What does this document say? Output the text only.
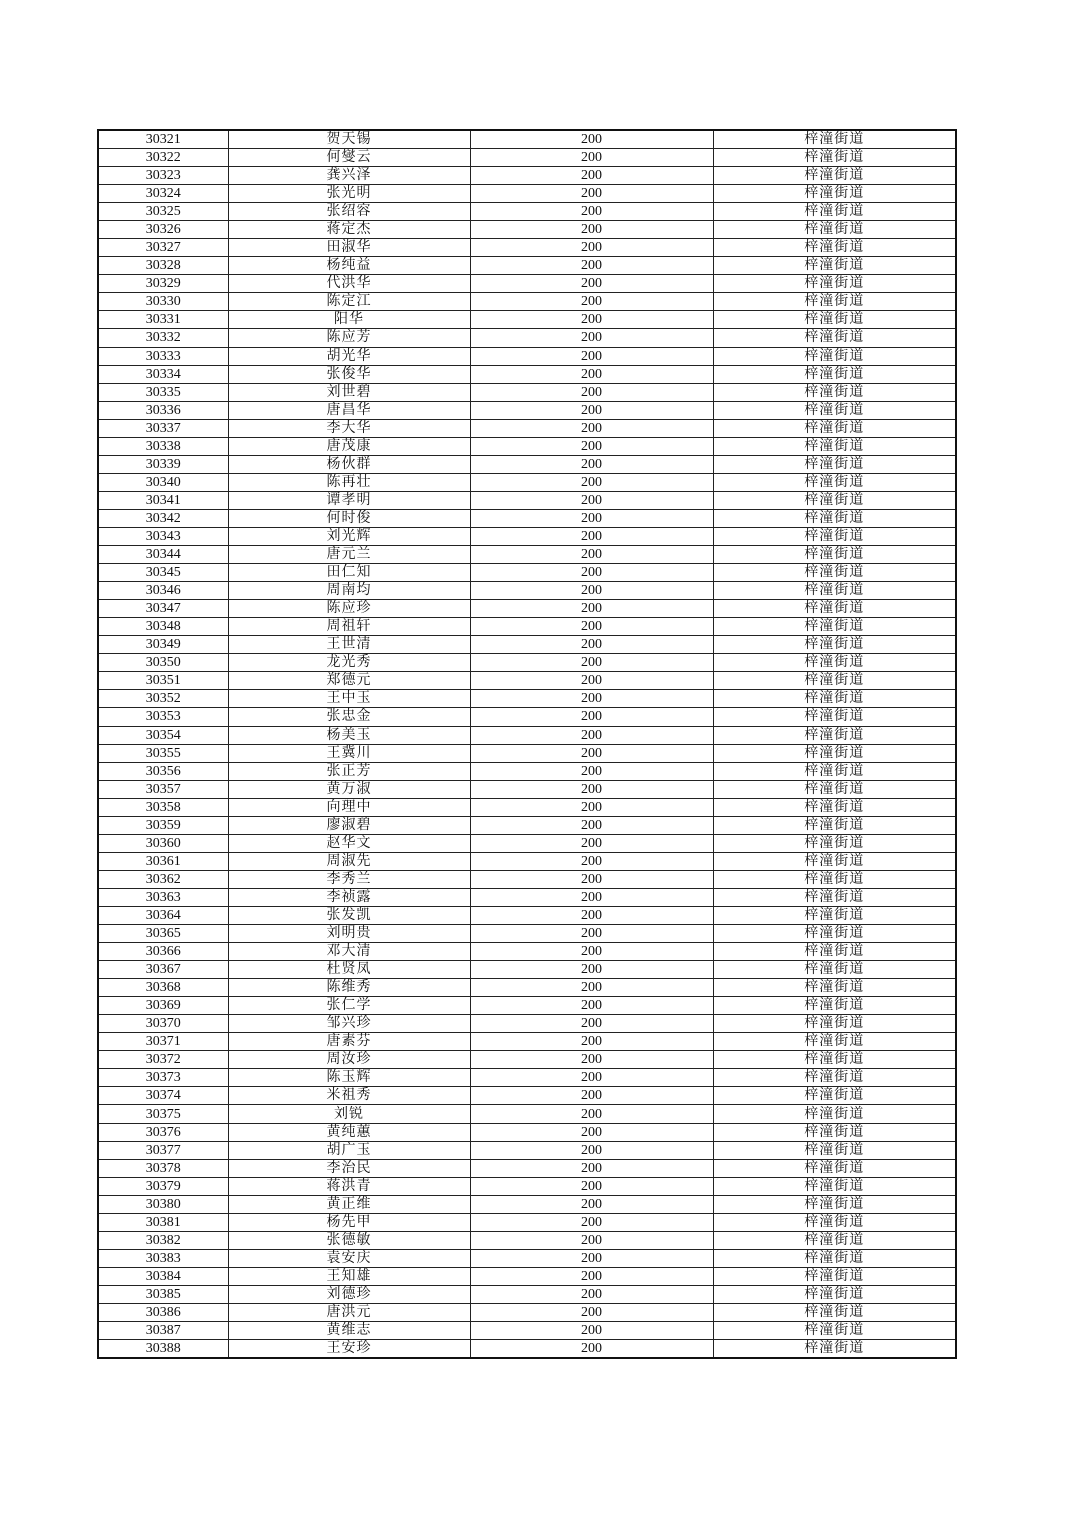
30321	贺天锡	200	梓潼街道
30322	何燮云	200	梓潼街道
30323	龚兴泽	200	梓潼街道
30324	张光明	200	梓潼街道
30325	张绍容	200	梓潼街道
30326	蒋定杰	200	梓潼街道
30327	田淑华	200	梓潼街道
30328	杨纯益	200	梓潼街道
30329	代洪华	200	梓潼街道
30330	陈定江	200	梓潼街道
30331	阳华	200	梓潼街道
30332	陈应芳	200	梓潼街道
30333	胡光华	200	梓潼街道
30334	张俊华	200	梓潼街道
30335	刘世碧	200	梓潼街道
30336	唐昌华	200	梓潼街道
30337	李大华	200	梓潼街道
30338	唐茂康	200	梓潼街道
30339	杨伙群	200	梓潼街道
30340	陈再壮	200	梓潼街道
30341	谭孝明	200	梓潼街道
30342	何时俊	200	梓潼街道
30343	刘光辉	200	梓潼街道
30344	唐元兰	200	梓潼街道
30345	田仁知	200	梓潼街道
30346	周南均	200	梓潼街道
30347	陈应珍	200	梓潼街道
30348	周祖轩	200	梓潼街道
30349	王世清	200	梓潼街道
30350	龙光秀	200	梓潼街道
30351	郑德元	200	梓潼街道
30352	王中玉	200	梓潼街道
30353	张忠金	200	梓潼街道
30354	杨美玉	200	梓潼街道
30355	王冀川	200	梓潼街道
30356	张正芳	200	梓潼街道
30357	黄万淑	200	梓潼街道
30358	向理中	200	梓潼街道
30359	廖淑碧	200	梓潼街道
30360	赵华文	200	梓潼街道
30361	周淑先	200	梓潼街道
30362	李秀兰	200	梓潼街道
30363	李祯露	200	梓潼街道
30364	张发凯	200	梓潼街道
30365	刘明贵	200	梓潼街道
30366	邓大清	200	梓潼街道
30367	杜贤凤	200	梓潼街道
30368	陈维秀	200	梓潼街道
30369	张仁学	200	梓潼街道
30370	邹兴珍	200	梓潼街道
30371	唐素芬	200	梓潼街道
30372	周汝珍	200	梓潼街道
30373	陈玉辉	200	梓潼街道
30374	米祖秀	200	梓潼街道
30375	刘锐	200	梓潼街道
30376	黄纯蕙	200	梓潼街道
30377	胡广玉	200	梓潼街道
30378	李治民	200	梓潼街道
30379	蒋洪青	200	梓潼街道
30380	黄正维	200	梓潼街道
30381	杨先甲	200	梓潼街道
30382	张德敏	200	梓潼街道
30383	袁安庆	200	梓潼街道
30384	王知雄	200	梓潼街道
30385	刘德珍	200	梓潼街道
30386	唐洪元	200	梓潼街道
30387	黄维志	200	梓潼街道
30388	王安珍	200	梓潼街道
